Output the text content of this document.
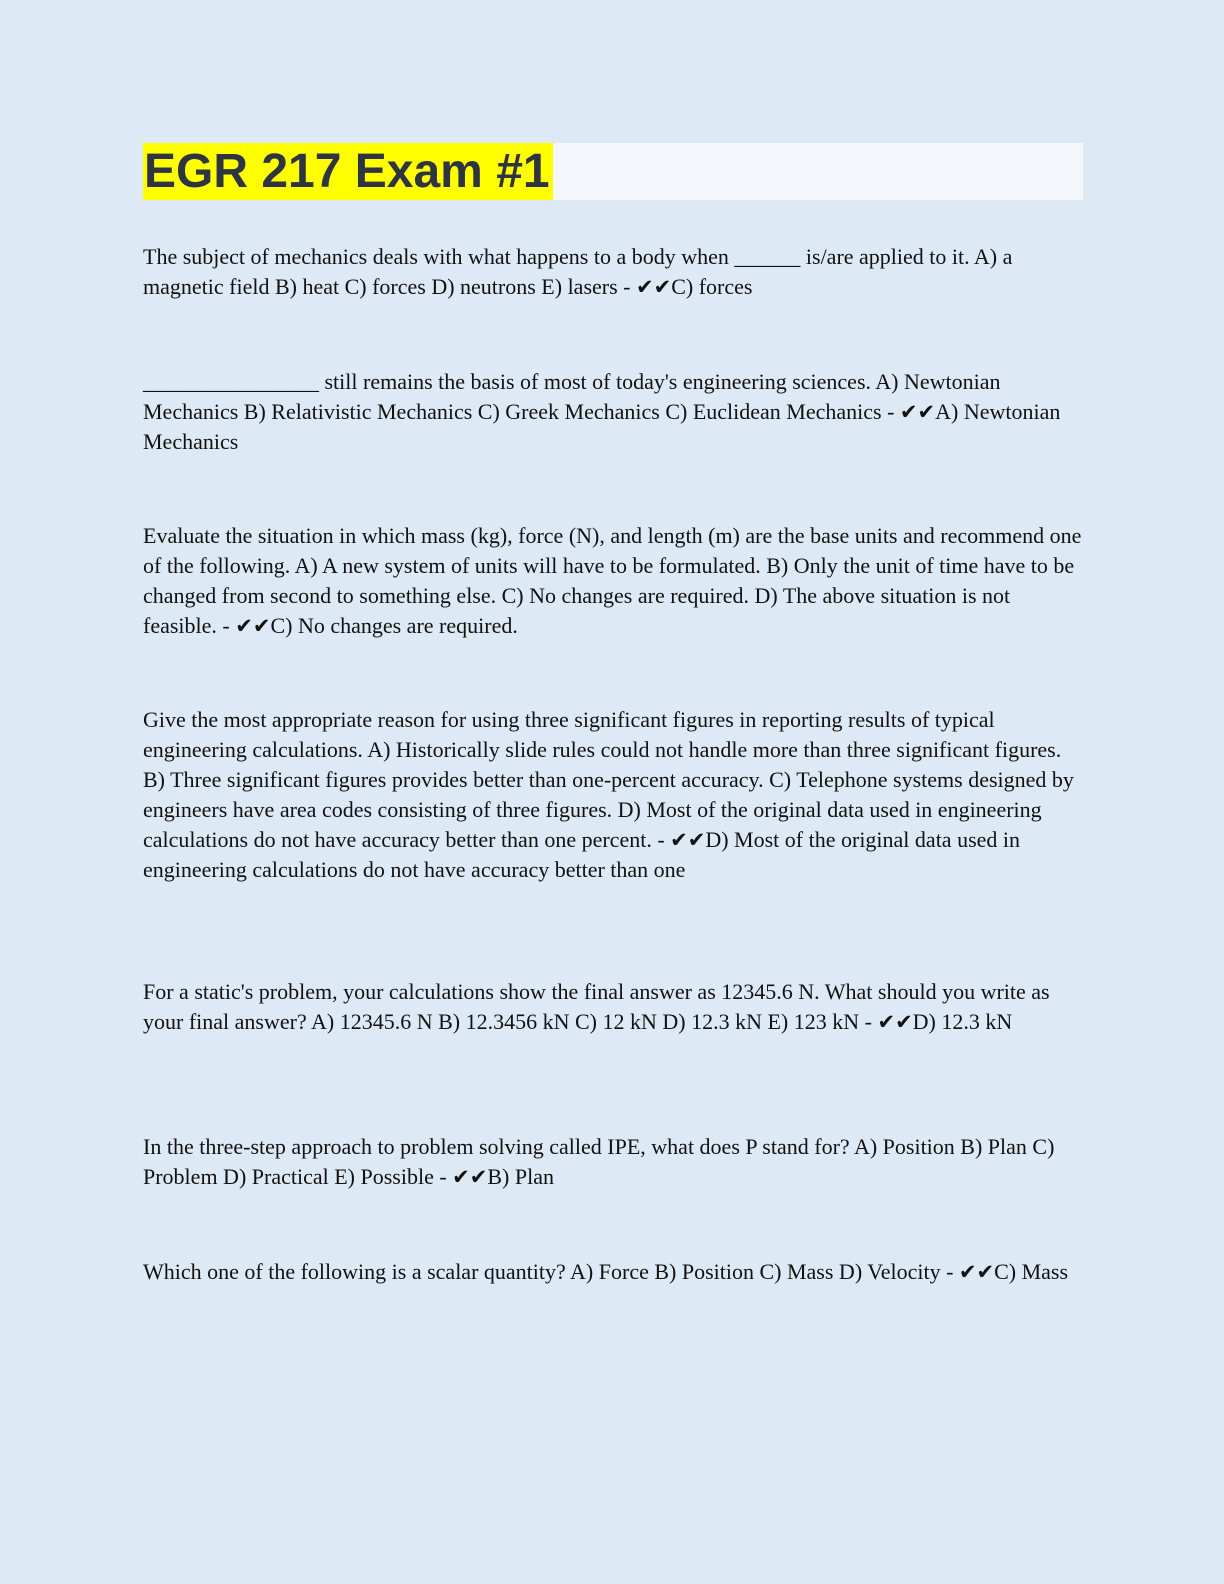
EGR 217 Exam #1
The subject of mechanics deals with what happens to a body when ______ is/are applied to it. A) a magnetic field B) heat C) forces D) neutrons E) lasers - ✔✔C) forces
________________ still remains the basis of most of today's engineering sciences. A) Newtonian Mechanics B) Relativistic Mechanics C) Greek Mechanics C) Euclidean Mechanics - ✔✔A) Newtonian Mechanics
Evaluate the situation in which mass (kg), force (N), and length (m) are the base units and recommend one of the following. A) A new system of units will have to be formulated. B) Only the unit of time have to be changed from second to something else. C) No changes are required. D) The above situation is not feasible. - ✔✔C) No changes are required.
Give the most appropriate reason for using three significant figures in reporting results of typical engineering calculations. A) Historically slide rules could not handle more than three significant figures. B) Three significant figures provides better than one-percent accuracy. C) Telephone systems designed by engineers have area codes consisting of three figures. D) Most of the original data used in engineering calculations do not have accuracy better than one percent. - ✔✔D) Most of the original data used in engineering calculations do not have accuracy better than one
For a static's problem, your calculations show the final answer as 12345.6 N. What should you write as your final answer? A) 12345.6 N B) 12.3456 kN C) 12 kN D) 12.3 kN E) 123 kN - ✔✔D) 12.3 kN
In the three-step approach to problem solving called IPE, what does P stand for? A) Position B) Plan C) Problem D) Practical E) Possible - ✔✔B) Plan
Which one of the following is a scalar quantity? A) Force B) Position C) Mass D) Velocity - ✔✔C) Mass
